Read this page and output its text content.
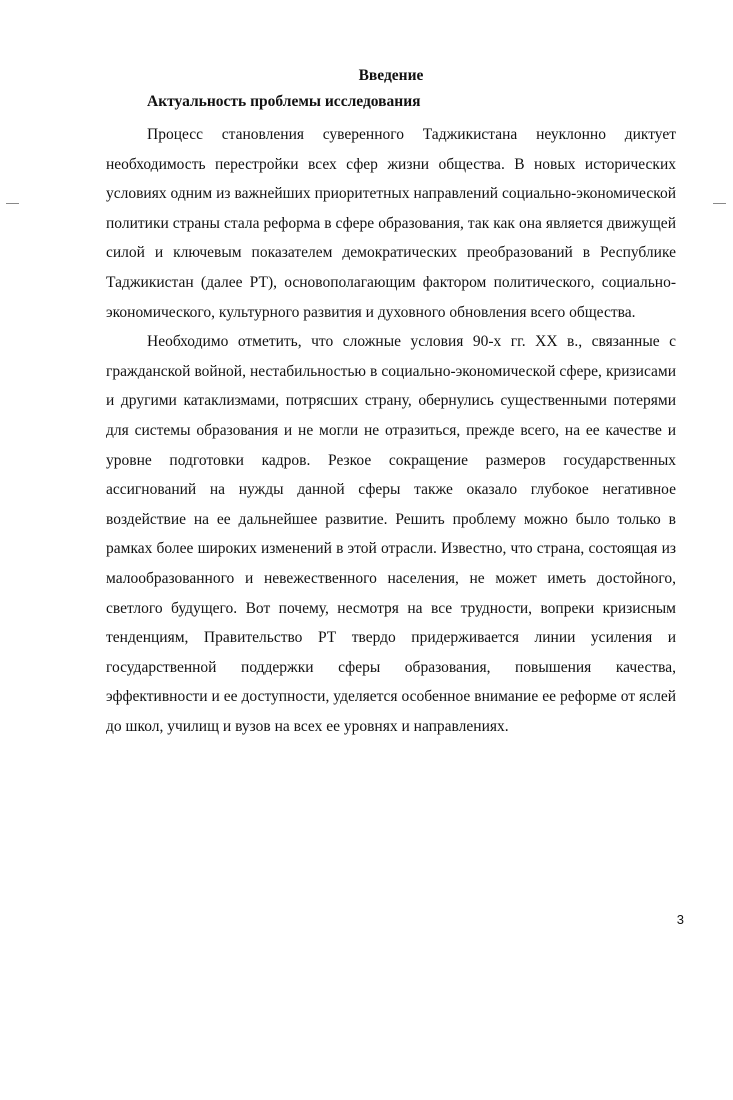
Введение
Актуальность проблемы исследования

Процесс становления суверенного Таджикистана неуклонно диктует необходимость перестройки всех сфер жизни общества. В новых исторических условиях одним из важнейших приоритетных направлений социально-экономической политики страны стала реформа в сфере образования, так как она является движущей силой и ключевым показателем демократических преобразований в Республике Таджикистан (далее РТ), основополагающим фактором политического, социально-экономического, культурного развития и духовного обновления всего общества.

Необходимо отметить, что сложные условия 90-х гг. XX в., связанные с гражданской войной, нестабильностью в социально-экономической сфере, кризисами и другими катаклизмами, потрясших страну, обернулись существенными потерями для системы образования и не могли не отразиться, прежде всего, на ее качестве и уровне подготовки кадров. Резкое сокращение размеров государственных ассигнований на нужды данной сферы также оказало глубокое негативное воздействие на ее дальнейшее развитие. Решить проблему можно было только в рамках более широких изменений в этой отрасли. Известно, что страна, состоящая из малообразованного и невежественного населения, не может иметь достойного, светлого будущего. Вот почему, несмотря на все трудности, вопреки кризисным тенденциям, Правительство РТ твердо придерживается линии усиления и государственной поддержки сферы образования, повышения качества, эффективности и ее доступности, уделяется особенное внимание ее реформе от яслей до школ, училищ и вузов на всех ее уровнях и направлениях.

3
